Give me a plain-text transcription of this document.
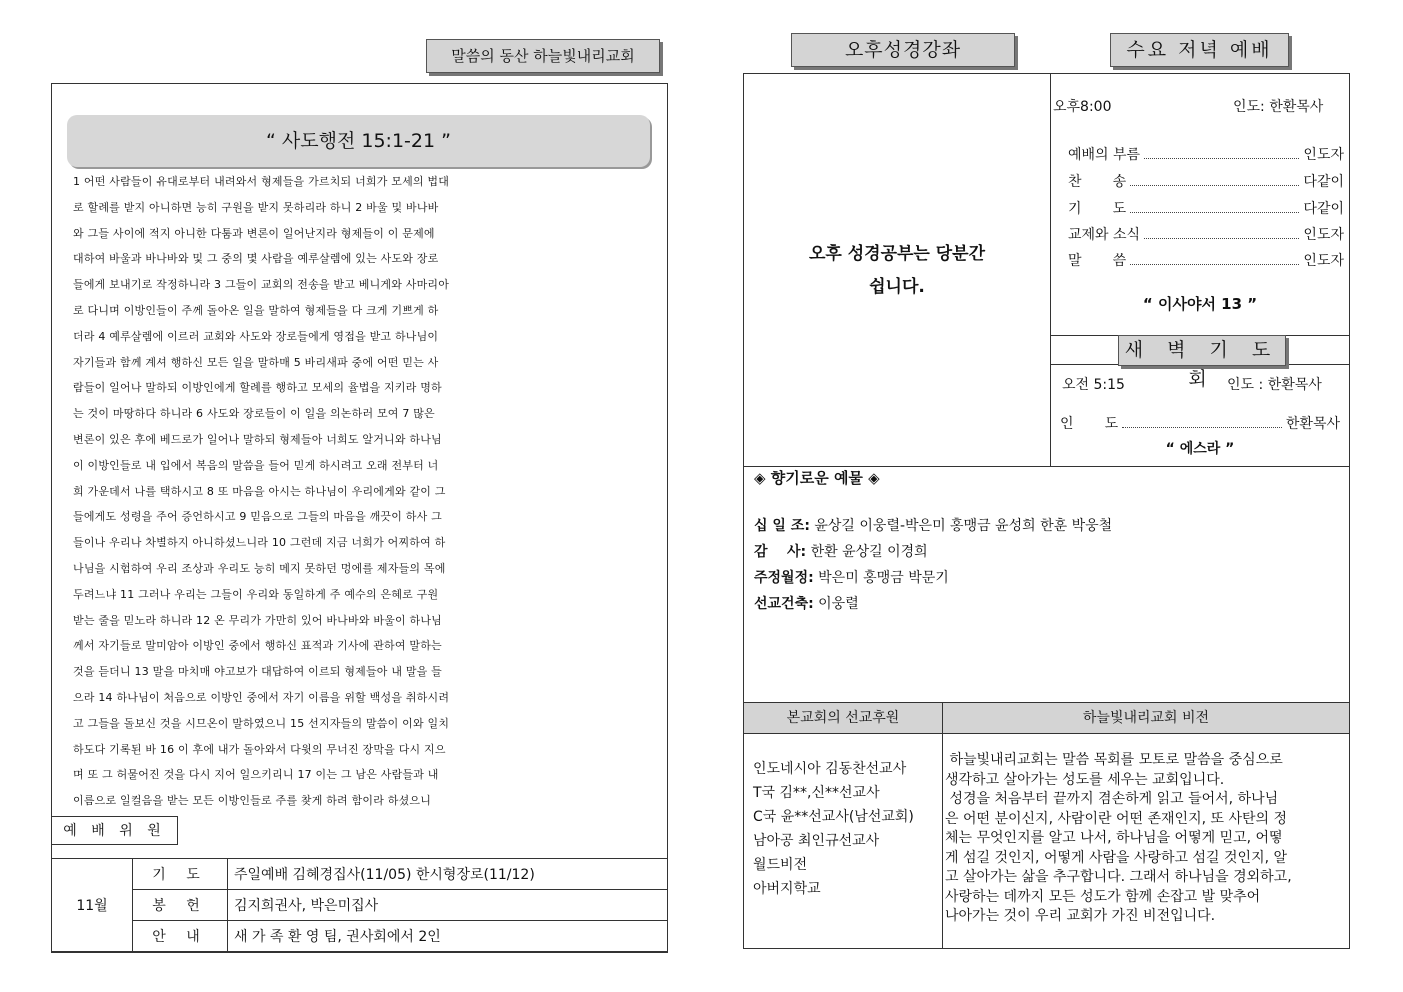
말씀의 동산 하늘빛내리교회
“ 사도행전 15:1-21 ”
1 어떤 사람들이 유대로부터 내려와서 형제들을 가르치되 너희가 모세의 법대
로 할례를 받지 아니하면 능히 구원을 받지 못하리라 하니 2 바울 및 바나바
와 그들 사이에 적지 아니한 다툼과 변론이 일어난지라 형제들이 이 문제에
대하여 바울과 바나바와 및 그 중의 몇 사람을 예루살렘에 있는 사도와 장로
들에게 보내기로 작정하니라 3 그들이 교회의 전송을 받고 베니게와 사마리아
로 다니며 이방인들이 주께 돌아온 일을 말하여 형제들을 다 크게 기쁘게 하
더라 4 예루살렘에 이르러 교회와 사도와 장로들에게 영접을 받고 하나님이
자기들과 함께 계셔 행하신 모든 일을 말하매 5 바리새파 중에 어떤 믿는 사
람들이 일어나 말하되 이방인에게 할례를 행하고 모세의 율법을 지키라 명하
는 것이 마땅하다 하니라 6 사도와 장로들이 이 일을 의논하러 모여 7 많은
변론이 있은 후에 베드로가 일어나 말하되 형제들아 너희도 알거니와 하나님
이 이방인들로 내 입에서 복음의 말씀을 들어 믿게 하시려고 오래 전부터 너
희 가운데서 나를 택하시고 8 또 마음을 아시는 하나님이 우리에게와 같이 그
들에게도 성령을 주어 증언하시고 9 믿음으로 그들의 마음을 깨끗이 하사 그
들이나 우리나 차별하지 아니하셨느니라 10 그런데 지금 너희가 어찌하여 하
나님을 시험하여 우리 조상과 우리도 능히 메지 못하던 멍에를 제자들의 목에
두려느냐 11 그러나 우리는 그들이 우리와 동일하게 주 예수의 은혜로 구원
받는 줄을 믿노라 하니라 12 온 무리가 가만히 있어 바나바와 바울이 하나님
께서 자기들로 말미암아 이방인 중에서 행하신 표적과 기사에 관하여 말하는
것을 듣더니 13 말을 마치매 야고보가 대답하여 이르되 형제들아 내 말을 들
으라 14 하나님이 처음으로 이방인 중에서 자기 이름을 위할 백성을 취하시려
고 그들을 돌보신 것을 시므온이 말하였으니 15 선지자들의 말씀이 이와 일치
하도다 기록된 바 16 이 후에 내가 돌아와서 다윗의 무너진 장막을 다시 지으
며 또 그 허물어진 것을 다시 지어 일으키리니 17 이는 그 남은 사람들과 내
이름으로 일컬음을 받는 모든 이방인들로 주를 찾게 하려 함이라 하셨으니
예 배 위 원
11월	기 도	주일예배 김혜경집사(11/05) 한시형장로(11/12)
	봉 헌	김지희권사, 박은미집사
	안 내	새 가 족 환 영 팀, 권사회에서 2인
오후성경강좌	수요 저녁 예배
오후 성경공부는 당분간
쉽니다.
오후8:00	인도: 한환목사
예배의 부름	인도자
찬       송	다같이
기       도	다같이
교제와 소식	인도자
말       씀	인도자
“ 이사야서 13 ”
새 벽 기 도 회
오전 5:15	인도 : 한환목사
인       도	한환목사
“ 에스라 ”
◈ 향기로운 예물 ◈
십 일 조: 윤상길 이웅렬-박은미 홍맹금 윤성희 한훈 박웅철
감    사: 한환 윤상길 이경희
주정월정: 박은미 홍맹금 박문기
선교건축: 이웅렬
본교회의 선교후원	하늘빛내리교회 비전
인도네시아 김동찬선교사
T국 김**,신**선교사
C국 윤**선교사(남선교회)
남아공 최인규선교사
월드비전
아버지학교
하늘빛내리교회는 말씀 목회를 모토로 말씀을 중심으로
생각하고 살아가는 성도를 세우는 교회입니다.
성경을 처음부터 끝까지 겸손하게 읽고 들어서, 하나님
은 어떤 분이신지, 사람이란 어떤 존재인지, 또 사탄의 정
체는 무엇인지를 알고 나서, 하나님을 어떻게 믿고, 어떻
게 섬길 것인지, 어떻게 사람을 사랑하고 섬길 것인지, 알
고 살아가는 삶을 추구합니다. 그래서 하나님을 경외하고,
사랑하는 데까지 모든 성도가 함께 손잡고 발 맞추어
나아가는 것이 우리 교회가 가진 비전입니다.
